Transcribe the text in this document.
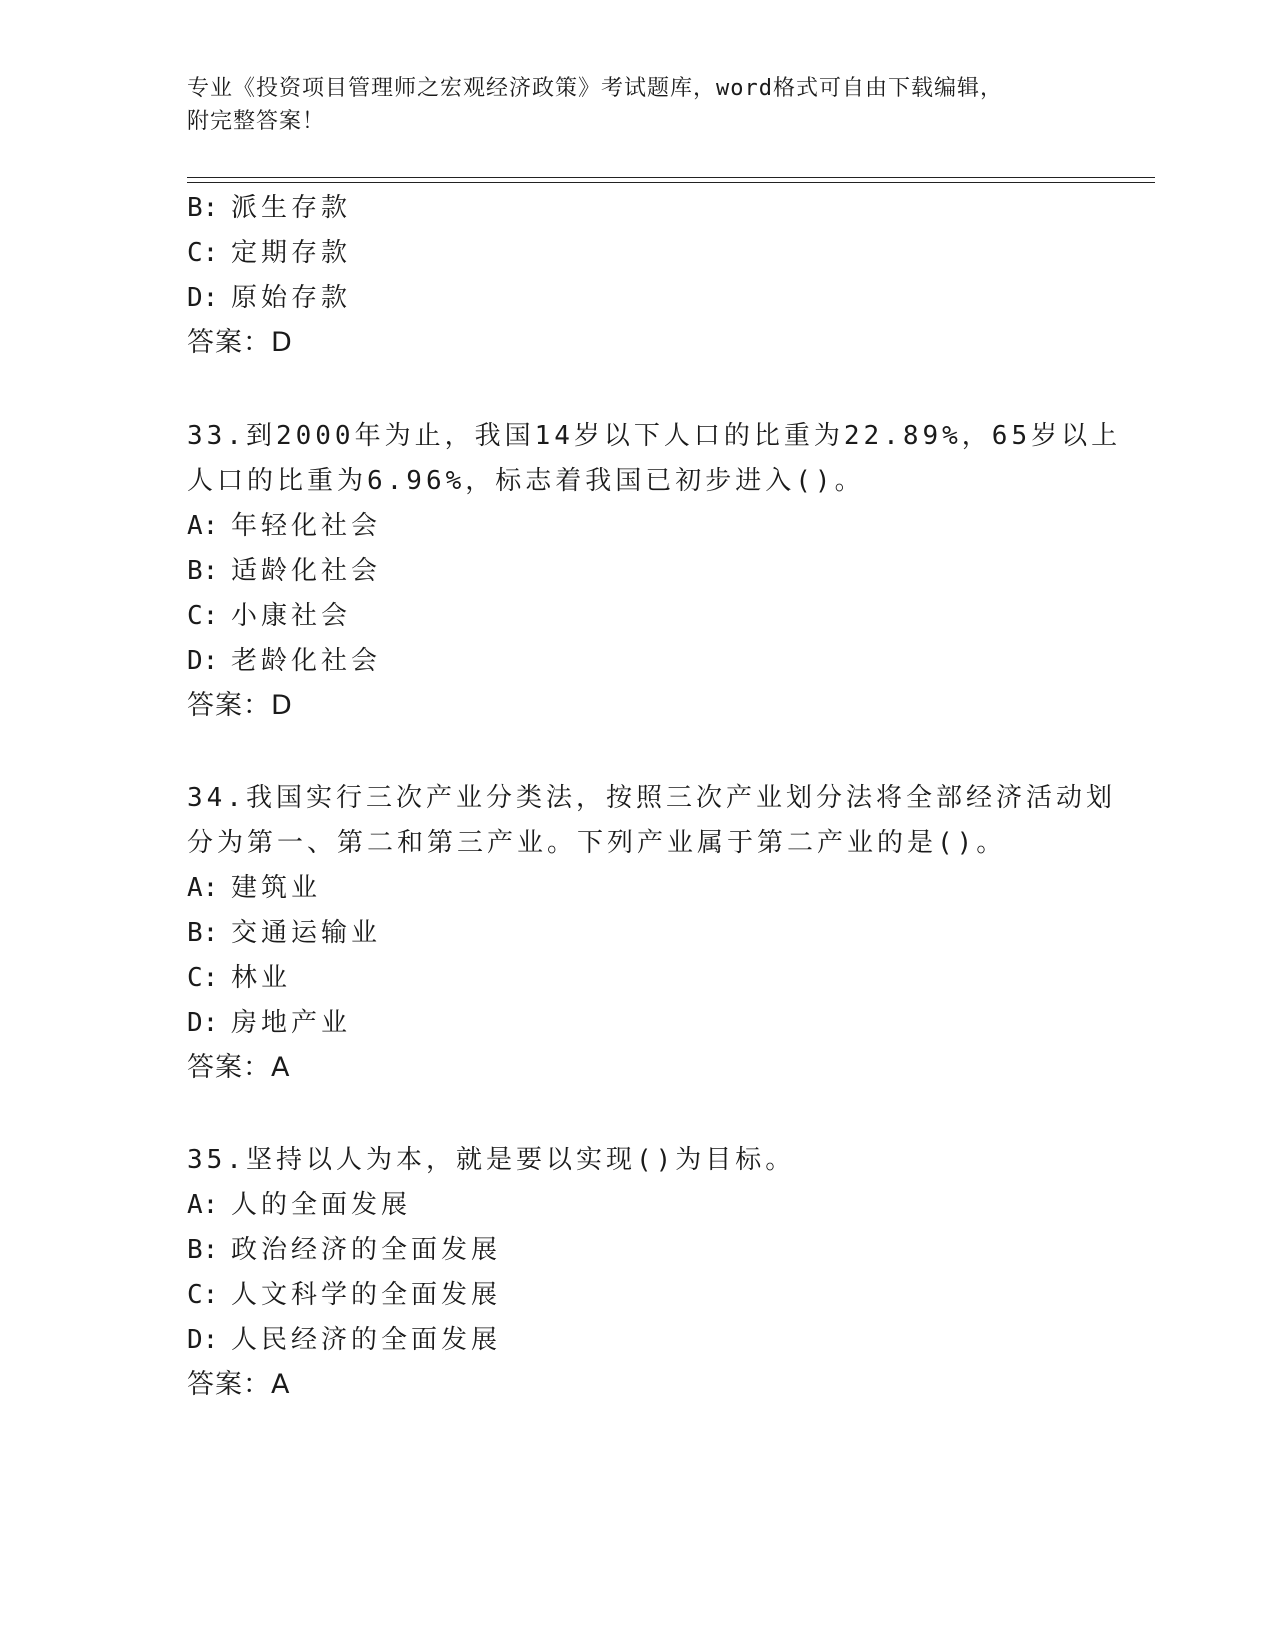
专业《投资项目管理师之宏观经济政策》考试题库，word格式可自由下载编辑，
附完整答案！
B: 派生存款
C: 定期存款
D: 原始存款
答案：D
33.到2000年为止，我国14岁以下人口的比重为22.89%，65岁以上
人口的比重为6.96%，标志着我国已初步进入()。
A: 年轻化社会
B: 适龄化社会
C: 小康社会
D: 老龄化社会
答案：D
34.我国实行三次产业分类法，按照三次产业划分法将全部经济活动划
分为第一、第二和第三产业。下列产业属于第二产业的是()。
A: 建筑业
B: 交通运输业
C: 林业
D: 房地产业
答案：A
35.坚持以人为本，就是要以实现()为目标。
A: 人的全面发展
B: 政治经济的全面发展
C: 人文科学的全面发展
D: 人民经济的全面发展
答案：A
